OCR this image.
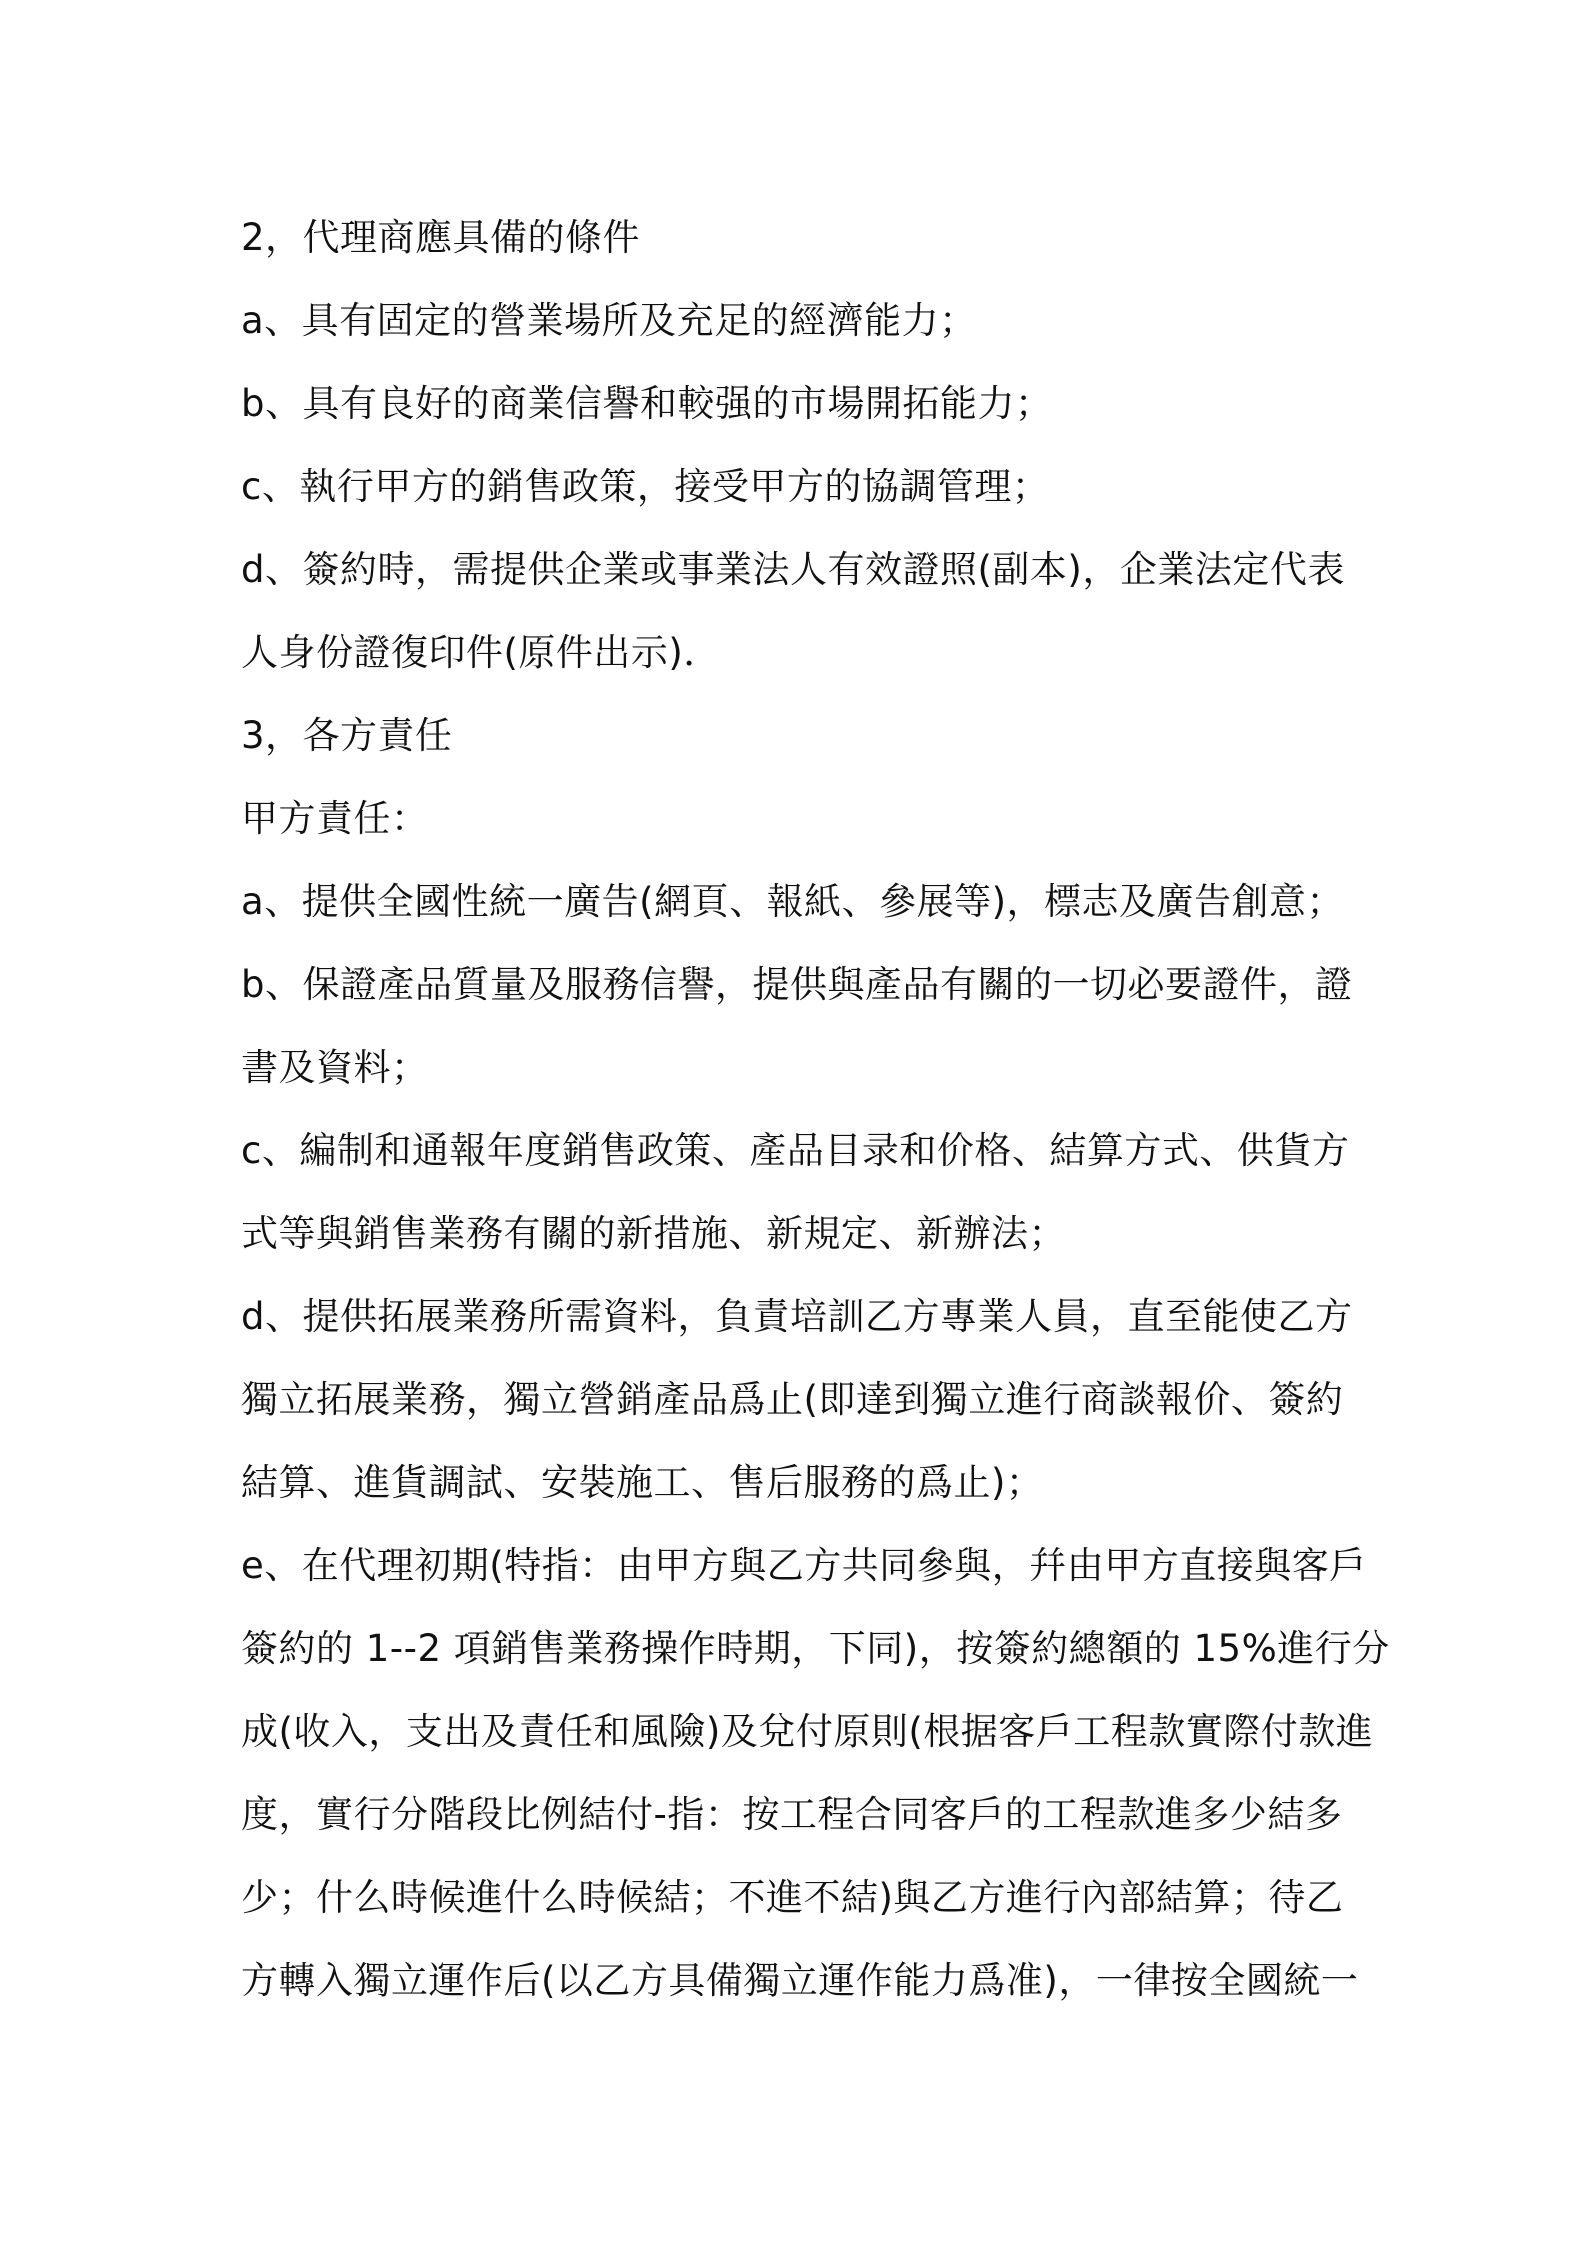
2，代理商應具備的條件
a、具有固定的營業場所及充足的經濟能力；
b、具有良好的商業信譽和較强的市場開拓能力；
c、執行甲方的銷售政策，接受甲方的協調管理；
d、簽約時，需提供企業或事業法人有效證照(副本)，企業法定代表
人身份證復印件(原件出示)．
3，各方責任
甲方責任：
a、提供全國性統一廣告(網頁、報紙、參展等)，標志及廣告創意；
b、保證產品質量及服務信譽，提供與產品有關的一切必要證件，證
書及資料；
c、編制和通報年度銷售政策、產品目录和价格、結算方式、供貨方
式等與銷售業務有關的新措施、新規定、新辦法；
d、提供拓展業務所需資料，負責培訓乙方專業人員，直至能使乙方
獨立拓展業務，獨立營銷產品爲止(即達到獨立進行商談報价、簽約
結算、進貨調試、安裝施工、售后服務的爲止)；
e、在代理初期(特指：由甲方與乙方共同參與，幷由甲方直接與客戶
簽約的 1--2 項銷售業務操作時期，下同)，按簽約總額的 15%進行分
成(收入，支出及責任和風險)及兌付原則(根据客戶工程款實際付款進
度，實行分階段比例結付-指：按工程合同客戶的工程款進多少結多
少；什么時候進什么時候結；不進不結)與乙方進行內部結算；待乙
方轉入獨立運作后(以乙方具備獨立運作能力爲准)，一律按全國統一
